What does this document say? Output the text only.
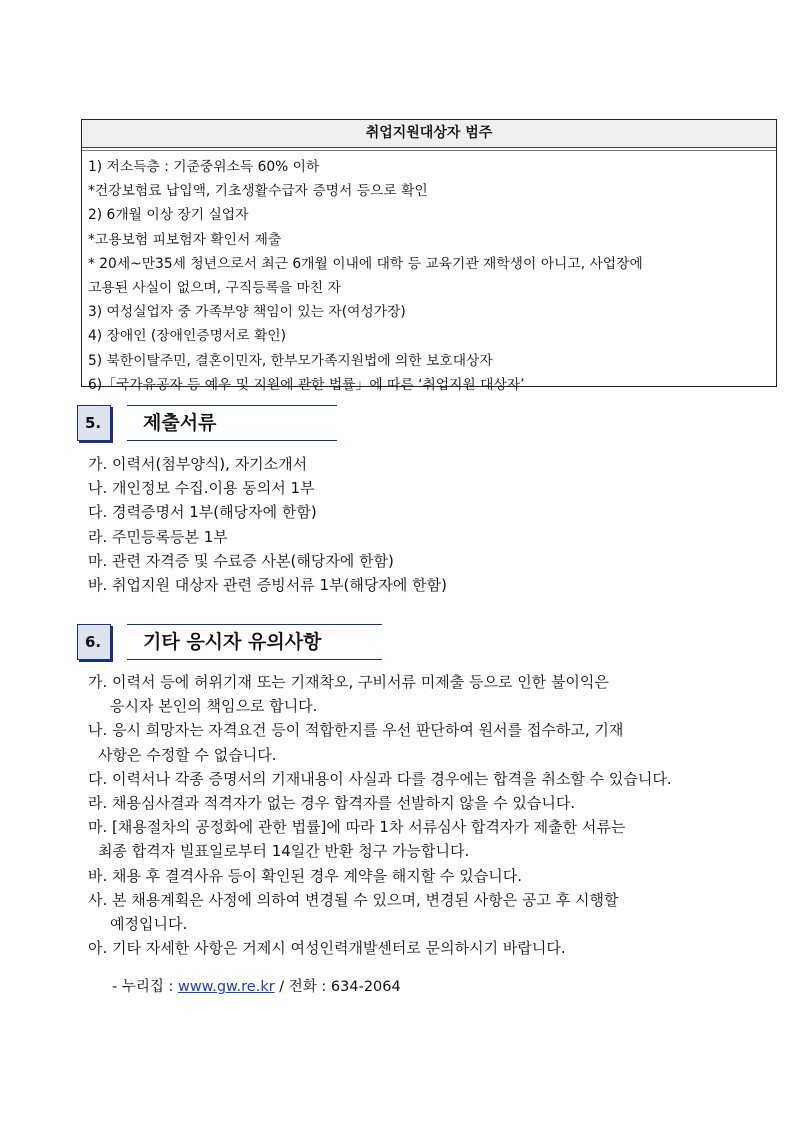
취업지원대상자 범주
1) 저소득층 : 기준중위소득 60% 이하
*건강보험료 납입액, 기초생활수급자 증명서 등으로 확인
2) 6개월 이상 장기 실업자
*고용보험 피보험자 확인서 제출
* 20세~만35세 청년으로서 최근 6개월 이내에 대학 등 교육기관 재학생이 아니고, 사업장에
고용된 사실이 없으며, 구직등록을 마친 자
3) 여성실업자 중 가족부양 책임이 있는 자(여성가장)
4) 장애인 (장애인증명서로 확인)
5) 북한이탈주민, 결혼이민자, 한부모가족지원법에 의한 보호대상자
6)「국가유공자 등 예우 및 지원에 관한 법률」에 따른 ‘취업지원 대상자’
5.	제출서류
가. 이력서(첨부양식), 자기소개서
나. 개인정보 수집.이용 동의서 1부
다. 경력증명서 1부(해당자에 한함)
라. 주민등록등본 1부
마. 관련 자격증 및 수료증 사본(해당자에 한함)
바. 취업지원 대상자 관련 증빙서류 1부(해당자에 한함)
6.	기타 응시자 유의사항
가. 이력서 등에 허위기재 또는 기재착오, 구비서류 미제출 등으로 인한 불이익은
응시자 본인의 책임으로 합니다.
나. 응시 희망자는 자격요건 등이 적합한지를 우선 판단하여 원서를 접수하고, 기재
사항은 수정할 수 없습니다.
다. 이력서나 각종 증명서의 기재내용이 사실과 다를 경우에는 합격을 취소할 수 있습니다.
라. 채용심사결과 적격자가 없는 경우 합격자를 선발하지 않을 수 있습니다.
마. [채용절차의 공정화에 관한 법률]에 따라 1차 서류심사 합격자가 제출한 서류는
최종 합격자 빌표일로부터 14일간 반환 청구 가능합니다.
바. 채용 후 결격사유 등이 확인된 경우 계약을 해지할 수 있습니다.
사. 본 채용계획은 사정에 의하여 변경될 수 있으며, 변경된 사항은 공고 후 시행할
예정입니다.
아. 기타 자세한 사항은 거제시 여성인력개발센터로 문의하시기 바랍니다.
- 누리집 : www.gw.re.kr / 전화 : 634-2064
